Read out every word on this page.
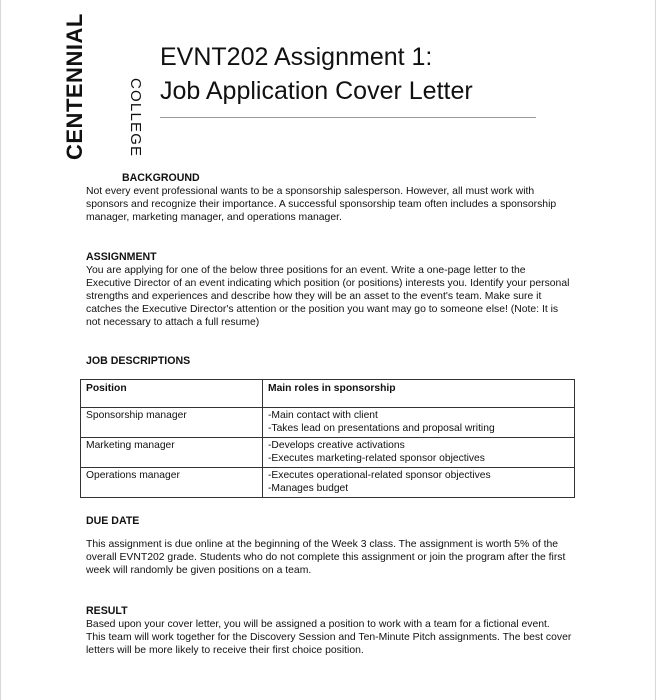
CENTENNIAL	COLLEGE
EVNT202 Assignment 1:
Job Application Cover Letter
BACKGROUND

Not every event professional wants to be a sponsorship salesperson. However, all must work with sponsors and recognize their importance. A successful sponsorship team often includes a sponsorship manager, marketing manager, and operations manager.

ASSIGNMENT

You are applying for one of the below three positions for an event. Write a one-page letter to the Executive Director of an event indicating which position (or positions) interests you. Identify your personal strengths and experiences and describe how they will be an asset to the event's team. Make sure it catches the Executive Director's attention or the position you want may go to someone else! (Note: It is not necessary to attach a full resume)

JOB DESCRIPTIONS
Position	Main roles in sponsorship
Sponsorship manager	-Main contact with client
-Takes lead on presentations and proposal writing

Marketing manager	-Develops creative activations
-Executes marketing-related sponsor objectives

Operations manager	-Executes operational-related sponsor objectives
-Manages budget
DUE DATE

This assignment is due online at the beginning of the Week 3 class. The assignment is worth 5% of the overall EVNT202 grade. Students who do not complete this assignment or join the program after the first week will randomly be given positions on a team.

RESULT

Based upon your cover letter, you will be assigned a position to work with a team for a fictional event. This team will work together for the Discovery Session and Ten-Minute Pitch assignments. The best cover letters will be more likely to receive their first choice position.
